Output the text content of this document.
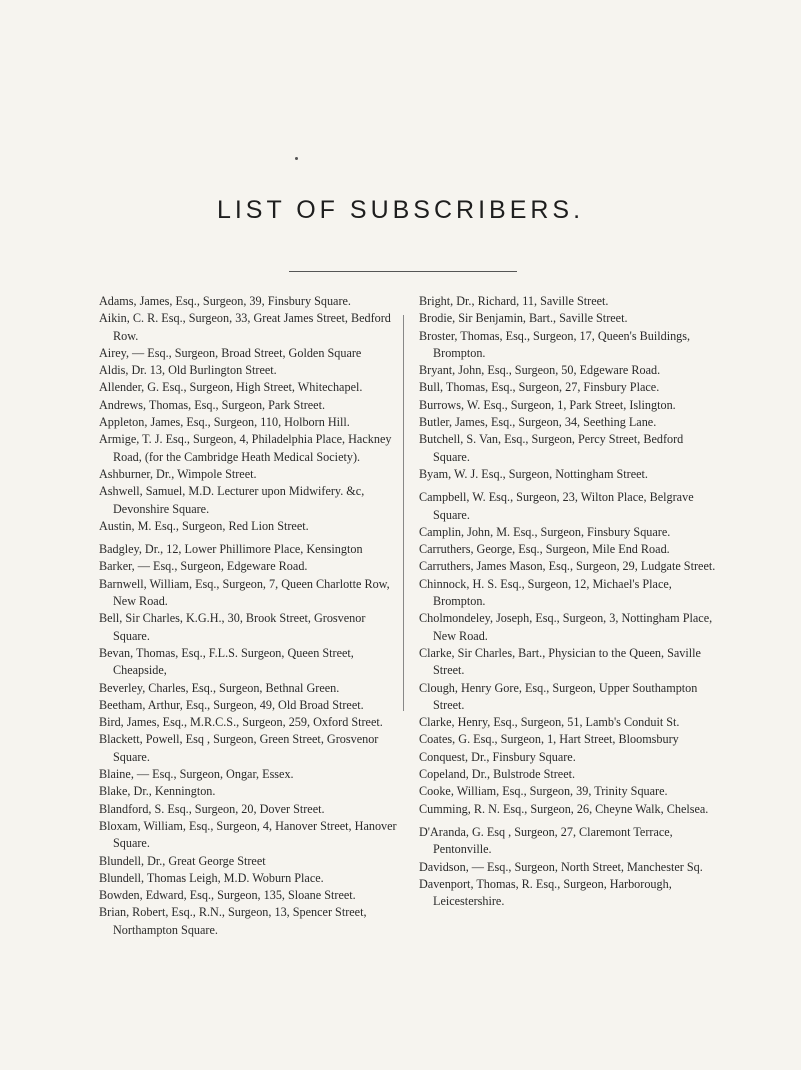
LIST OF SUBSCRIBERS.
Adams, James, Esq., Surgeon, 39, Finsbury Square.
Aikin, C. R. Esq., Surgeon, 33, Great James Street, Bedford Row.
Airey, — Esq., Surgeon, Broad Street, Golden Square
Aldis, Dr. 13, Old Burlington Street.
Allender, G. Esq., Surgeon, High Street, Whitechapel.
Andrews, Thomas, Esq., Surgeon, Park Street.
Appleton, James, Esq., Surgeon, 110, Holborn Hill.
Armige, T. J. Esq., Surgeon, 4, Philadelphia Place, Hackney Road, (for the Cambridge Heath Medical Society).
Ashburner, Dr., Wimpole Street.
Ashwell, Samuel, M.D. Lecturer upon Midwifery. &c, Devonshire Square.
Austin, M. Esq., Surgeon, Red Lion Street.
Badgley, Dr., 12, Lower Phillimore Place, Kensington
Barker, — Esq., Surgeon, Edgeware Road.
Barnwell, William, Esq., Surgeon, 7, Queen Charlotte Row, New Road.
Bell, Sir Charles, K.G.H., 30, Brook Street, Grosvenor Square.
Bevan, Thomas, Esq., F.L.S. Surgeon, Queen Street, Cheapside,
Beverley, Charles, Esq., Surgeon, Bethnal Green.
Beetham, Arthur, Esq., Surgeon, 49, Old Broad Street.
Bird, James, Esq., M.R.C.S., Surgeon, 259, Oxford Street.
Blackett, Powell, Esq , Surgeon, Green Street, Grosvenor Square.
Blaine, — Esq., Surgeon, Ongar, Essex.
Blake, Dr., Kennington.
Blandford, S. Esq., Surgeon, 20, Dover Street.
Bloxam, William, Esq., Surgeon, 4, Hanover Street, Hanover Square.
Blundell, Dr., Great George Street
Blundell, Thomas Leigh, M.D. Woburn Place.
Bowden, Edward, Esq., Surgeon, 135, Sloane Street.
Brian, Robert, Esq., R.N., Surgeon, 13, Spencer Street, Northampton Square.
Bright, Dr., Richard, 11, Saville Street.
Brodie, Sir Benjamin, Bart., Saville Street.
Broster, Thomas, Esq., Surgeon, 17, Queen's Buildings, Brompton.
Bryant, John, Esq., Surgeon, 50, Edgeware Road.
Bull, Thomas, Esq., Surgeon, 27, Finsbury Place.
Burrows, W. Esq., Surgeon, 1, Park Street, Islington.
Butler, James, Esq., Surgeon, 34, Seething Lane.
Butchell, S. Van, Esq., Surgeon, Percy Street, Bedford Square.
Byam, W. J. Esq., Surgeon, Nottingham Street.
Campbell, W. Esq., Surgeon, 23, Wilton Place, Belgrave Square.
Camplin, John, M. Esq., Surgeon, Finsbury Square.
Carruthers, George, Esq., Surgeon, Mile End Road.
Carruthers, James Mason, Esq., Surgeon, 29, Ludgate Street.
Chinnock, H. S. Esq., Surgeon, 12, Michael's Place, Brompton.
Cholmondeley, Joseph, Esq., Surgeon, 3, Nottingham Place, New Road.
Clarke, Sir Charles, Bart., Physician to the Queen, Saville Street.
Clough, Henry Gore, Esq., Surgeon, Upper Southampton Street.
Clarke, Henry, Esq., Surgeon, 51, Lamb's Conduit St.
Coates, G. Esq., Surgeon, 1, Hart Street, Bloomsbury
Conquest, Dr., Finsbury Square.
Copeland, Dr., Bulstrode Street.
Cooke, William, Esq., Surgeon, 39, Trinity Square.
Cumming, R. N. Esq., Surgeon, 26, Cheyne Walk, Chelsea.
D'Aranda, G. Esq , Surgeon, 27, Claremont Terrace, Pentonville.
Davidson, — Esq., Surgeon, North Street, Manchester Sq.
Davenport, Thomas, R. Esq., Surgeon, Harborough, Leicestershire.
